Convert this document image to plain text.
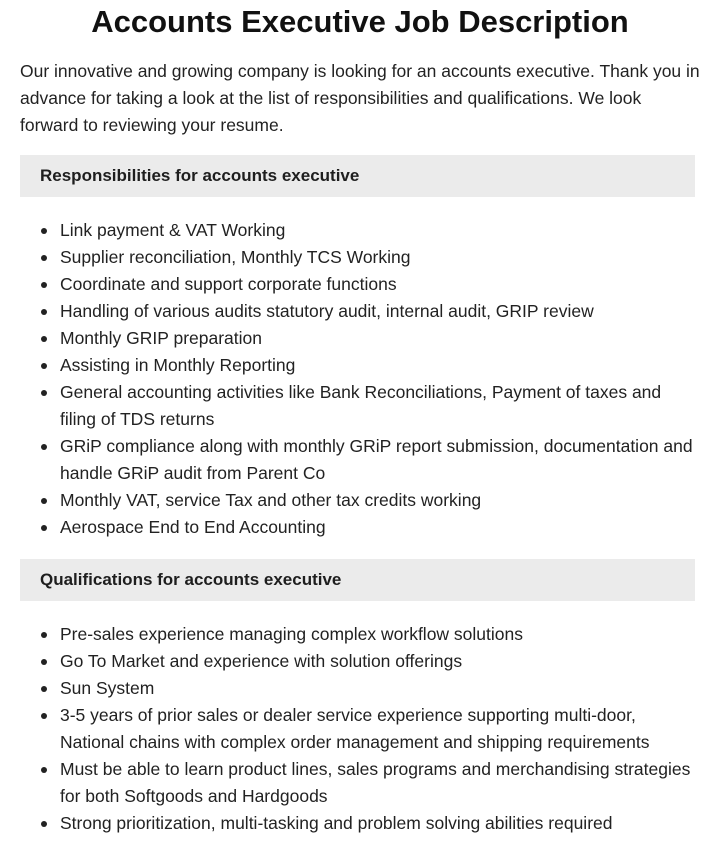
Accounts Executive Job Description

Our innovative and growing company is looking for an accounts executive. Thank you in advance for taking a look at the list of responsibilities and qualifications. We look forward to reviewing your resume.

Responsibilities for accounts executive
Link payment & VAT Working
Supplier reconciliation, Monthly TCS Working
Coordinate and support corporate functions
Handling of various audits statutory audit, internal audit, GRIP review
Monthly GRIP preparation
Assisting in Monthly Reporting
General accounting activities like Bank Reconciliations, Payment of taxes and filing of TDS returns
GRiP compliance along with monthly GRiP report submission, documentation and handle GRiP audit from Parent Co
Monthly VAT, service Tax and other tax credits working
Aerospace End to End Accounting
Qualifications for accounts executive
Pre-sales experience managing complex workflow solutions
Go To Market and experience with solution offerings
Sun System
3-5 years of prior sales or dealer service experience supporting multi-door, National chains with complex order management and shipping requirements
Must be able to learn product lines, sales programs and merchandising strategies for both Softgoods and Hardgoods
Strong prioritization, multi-tasking and problem solving abilities required
